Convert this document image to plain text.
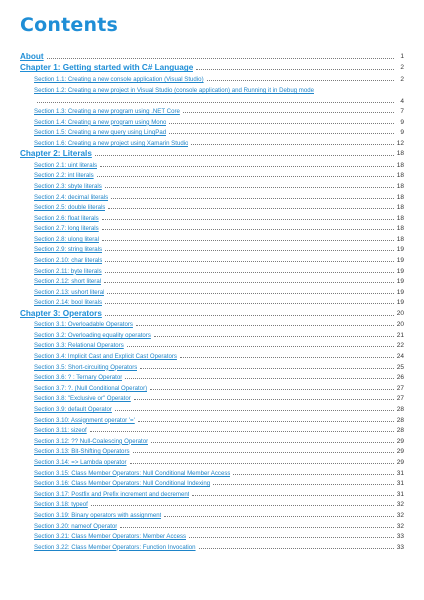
Contents
About	1
Chapter 1: Getting started with C# Language	2
Section 1.1: Creating a new console application (Visual Studio)	2
Section 1.2: Creating a new project in Visual Studio (console application) and Running it in Debug mode
4
Section 1.3: Creating a new program using .NET Core	7
Section 1.4: Creating a new program using Mono	9
Section 1.5: Creating a new query using LinqPad	9
Section 1.6: Creating a new project using Xamarin Studio	12
Chapter 2: Literals	18
Section 2.1: uint literals	18
Section 2.2: int literals	18
Section 2.3: sbyte literals	18
Section 2.4: decimal literals	18
Section 2.5: double literals	18
Section 2.6: float literals	18
Section 2.7: long literals	18
Section 2.8: ulong literal	18
Section 2.9: string literals	19
Section 2.10: char literals	19
Section 2.11: byte literals	19
Section 2.12: short literal	19
Section 2.13: ushort literal	19
Section 2.14: bool literals	19
Chapter 3: Operators	20
Section 3.1: Overloadable Operators	20
Section 3.2: Overloading equality operators	21
Section 3.3: Relational Operators	22
Section 3.4: Implicit Cast and Explicit Cast Operators	24
Section 3.5: Short-circuiting Operators	25
Section 3.6: ? : Ternary Operator	26
Section 3.7: ?. (Null Conditional Operator)	27
Section 3.8: "Exclusive or" Operator	27
Section 3.9: default Operator	28
Section 3.10: Assignment operator '='	28
Section 3.11: sizeof	28
Section 3.12: ?? Null-Coalescing Operator	29
Section 3.13: Bit-Shifting Operators	29
Section 3.14: => Lambda operator	29
Section 3.15: Class Member Operators: Null Conditional Member Access	31
Section 3.16: Class Member Operators: Null Conditional Indexing	31
Section 3.17: Postfix and Prefix increment and decrement	31
Section 3.18: typeof	32
Section 3.19: Binary operators with assignment	32
Section 3.20: nameof Operator	32
Section 3.21: Class Member Operators: Member Access	33
Section 3.22: Class Member Operators: Function Invocation	33
